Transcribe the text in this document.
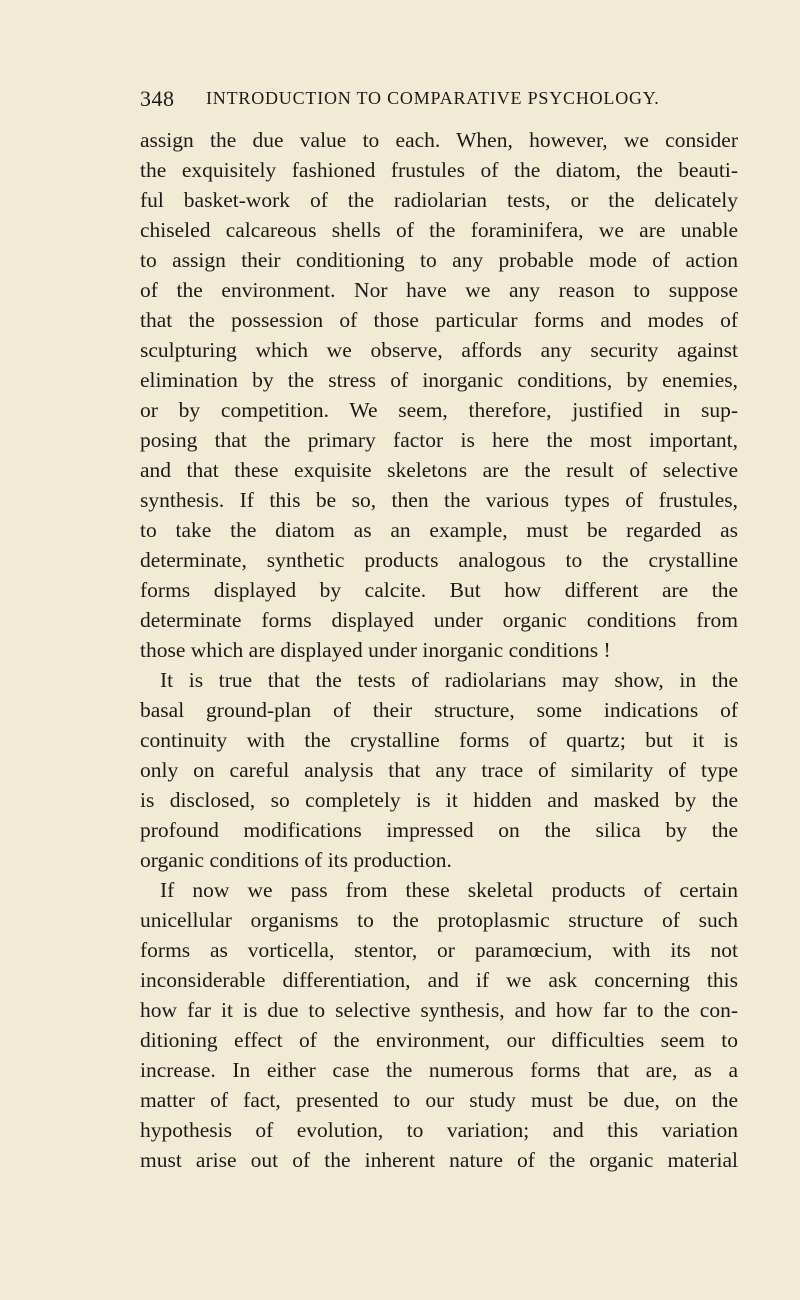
348 INTRODUCTION TO COMPARATIVE PSYCHOLOGY.
assign the due value to each. When, however, we consider
the exquisitely fashioned frustules of the diatom, the beauti-
ful basket-work of the radiolarian tests, or the delicately
chiseled calcareous shells of the foraminifera, we are unable
to assign their conditioning to any probable mode of action
of the environment. Nor have we any reason to suppose
that the possession of those particular forms and modes of
sculpturing which we observe, affords any security against
elimination by the stress of inorganic conditions, by enemies,
or by competition. We seem, therefore, justified in sup-
posing that the primary factor is here the most important,
and that these exquisite skeletons are the result of selective
synthesis. If this be so, then the various types of frustules,
to take the diatom as an example, must be regarded as
determinate, synthetic products analogous to the crystalline
forms displayed by calcite. But how different are the
determinate forms displayed under organic conditions from
those which are displayed under inorganic conditions !
It is true that the tests of radiolarians may show, in the
basal ground-plan of their structure, some indications of
continuity with the crystalline forms of quartz; but it is
only on careful analysis that any trace of similarity of type
is disclosed, so completely is it hidden and masked by the
profound modifications impressed on the silica by the
organic conditions of its production.
If now we pass from these skeletal products of certain
unicellular organisms to the protoplasmic structure of such
forms as vorticella, stentor, or paramœcium, with its not
inconsiderable differentiation, and if we ask concerning this
how far it is due to selective synthesis, and how far to the con-
ditioning effect of the environment, our difficulties seem to
increase. In either case the numerous forms that are, as a
matter of fact, presented to our study must be due, on the
hypothesis of evolution, to variation; and this variation
must arise out of the inherent nature of the organic material
